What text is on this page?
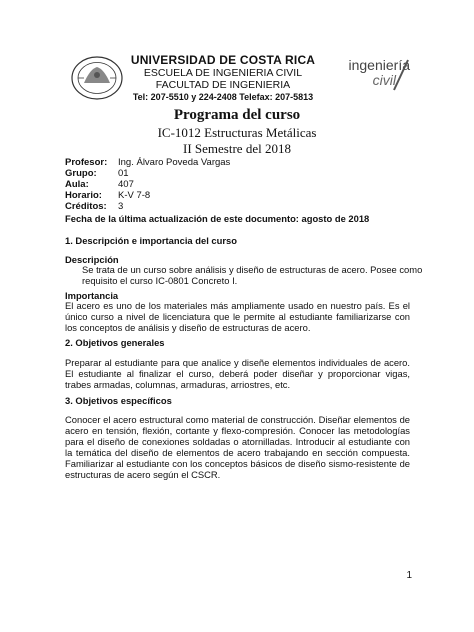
UNIVERSIDAD DE COSTA RICA
ESCUELA DE INGENIERIA CIVIL
FACULTAD DE INGENIERIA
Tel: 207-5510 y 224-2408 Telefax: 207-5813
ingeniería
civil
Programa del curso
IC-1012 Estructuras Metálicas
II Semestre del 2018
Profesor:	Ing. Álvaro Poveda Vargas
Grupo:	01
Aula:	407
Horario:	K-V 7-8
Créditos:	3
Fecha de la última actualización de este documento: agosto de 2018
1. Descripción e importancia del curso
Descripción
Se trata de un curso sobre análisis y diseño de estructuras de acero. Posee como requisito el curso IC-0801 Concreto I.
Importancia
El acero es uno de los materiales más ampliamente usado en nuestro país. Es el único curso a nivel de licenciatura que le permite al estudiante familiarizarse con los conceptos de análisis y diseño de estructuras de acero.
2. Objetivos generales
Preparar al estudiante para que analice y diseñe elementos individuales de acero. El estudiante al finalizar el curso, deberá poder diseñar y proporcionar vigas, trabes armadas, columnas, armaduras, arriostres, etc.
3. Objetivos específicos
Conocer el acero estructural como material de construcción. Diseñar elementos de acero en tensión, flexión, cortante y flexo-compresión. Conocer las metodologías para el diseño de conexiones soldadas o atornilladas. Introducir al estudiante con la temática del diseño de elementos de acero trabajando en sección compuesta. Familiarizar al estudiante con los conceptos básicos de diseño sismo-resistente de estructuras de acero según el CSCR.
1
